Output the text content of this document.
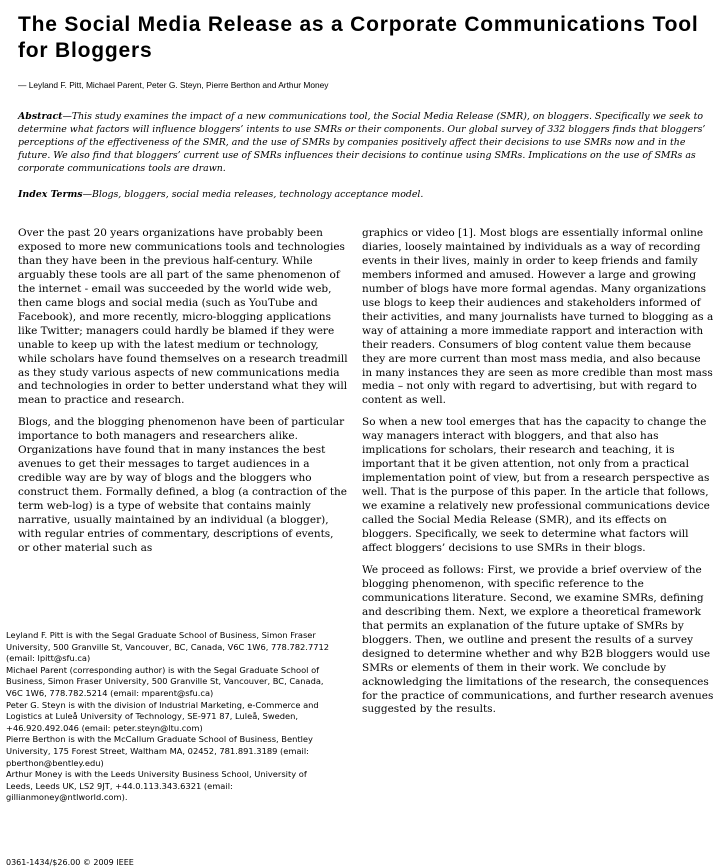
The Social Media Release as a Corporate Communications Tool for Bloggers
— Leyland F. Pitt, Michael Parent, Peter G. Steyn, Pierre Berthon and Arthur Money

Abstract—This study examines the impact of a new communications tool, the Social Media Release (SMR), on bloggers. Specifically we seek to determine what factors will influence bloggers’ intents to use SMRs or their components. Our global survey of 332 bloggers finds that bloggers’ perceptions of the effectiveness of the SMR, and the use of SMRs by companies positively affect their decisions to use SMRs now and in the future. We also find that bloggers’ current use of SMRs influences their decisions to continue using SMRs. Implications on the use of SMRs as corporate communications tools are drawn.

Index Terms—Blogs, bloggers, social media releases, technology acceptance model.

Over the past 20 years organizations have probably been exposed to more new communications tools and technologies than they have been in the previous half-century. While arguably these tools are all part of the same phenomenon of the internet - email was succeeded by the world wide web, then came blogs and social media (such as YouTube and Facebook), and more recently, micro-blogging applications like Twitter; managers could hardly be blamed if they were unable to keep up with the latest medium or technology, while scholars have found themselves on a research treadmill as they study various aspects of new communications media and technologies in order to better understand what they will mean to practice and research.

Blogs, and the blogging phenomenon have been of particular importance to both managers and researchers alike. Organizations have found that in many instances the best avenues to get their messages to target audiences in a credible way are by way of blogs and the bloggers who construct them. Formally defined, a blog (a contraction of the term web-log) is a type of website that contains mainly narrative, usually maintained by an individual (a blogger), with regular entries of commentary, descriptions of events, or other material such as

graphics or video [1]. Most blogs are essentially informal online diaries, loosely maintained by individuals as a way of recording events in their lives, mainly in order to keep friends and family members informed and amused. However a large and growing number of blogs have more formal agendas. Many organizations use blogs to keep their audiences and stakeholders informed of their activities, and many journalists have turned to blogging as a way of attaining a more immediate rapport and interaction with their readers. Consumers of blog content value them because they are more current than most mass media, and also because in many instances they are seen as more credible than most mass media – not only with regard to advertising, but with regard to content as well.

So when a new tool emerges that has the capacity to change the way managers interact with bloggers, and that also has implications for scholars, their research and teaching, it is important that it be given attention, not only from a practical implementation point of view, but from a research perspective as well. That is the purpose of this paper. In the article that follows, we examine a relatively new professional communications device called the Social Media Release (SMR), and its effects on bloggers. Specifically, we seek to determine what factors will affect bloggers’ decisions to use SMRs in their blogs.

We proceed as follows: First, we provide a brief overview of the blogging phenomenon, with specific reference to the communications literature. Second, we examine SMRs, defining and describing them. Next, we explore a theoretical framework that permits an explanation of the future uptake of SMRs by bloggers. Then, we outline and present the results of a survey designed to determine whether and why B2B bloggers would use SMRs or elements of them in their work. We conclude by acknowledging the limitations of the research, the consequences for the practice of communications, and further research avenues suggested by the results.

Leyland F. Pitt is with the Segal Graduate School of Business, Simon Fraser University, 500 Granville St, Vancouver, BC, Canada, V6C 1W6, 778.782.7712 (email: lpitt@sfu.ca)

Michael Parent (corresponding author) is with the Segal Graduate School of Business, Simon Fraser University, 500 Granville St, Vancouver, BC, Canada, V6C 1W6, 778.782.5214 (email: mparent@sfu.ca)

Peter G. Steyn is with the division of Industrial Marketing, e-Commerce and Logistics at Luleå University of Technology, SE-971 87, Luleå, Sweden, +46.920.492.046 (email: peter.steyn@ltu.com)

Pierre Berthon is with the McCallum Graduate School of Business, Bentley University, 175 Forest Street, Waltham MA, 02452, 781.891.3189 (email: pberthon@bentley.edu)

Arthur Money is with the Leeds University Business School, University of Leeds, Leeds UK, LS2 9JT, +44.0.113.343.6321 (email: gillianmoney@ntlworld.com).

0361-1434/$26.00 © 2009 IEEE
